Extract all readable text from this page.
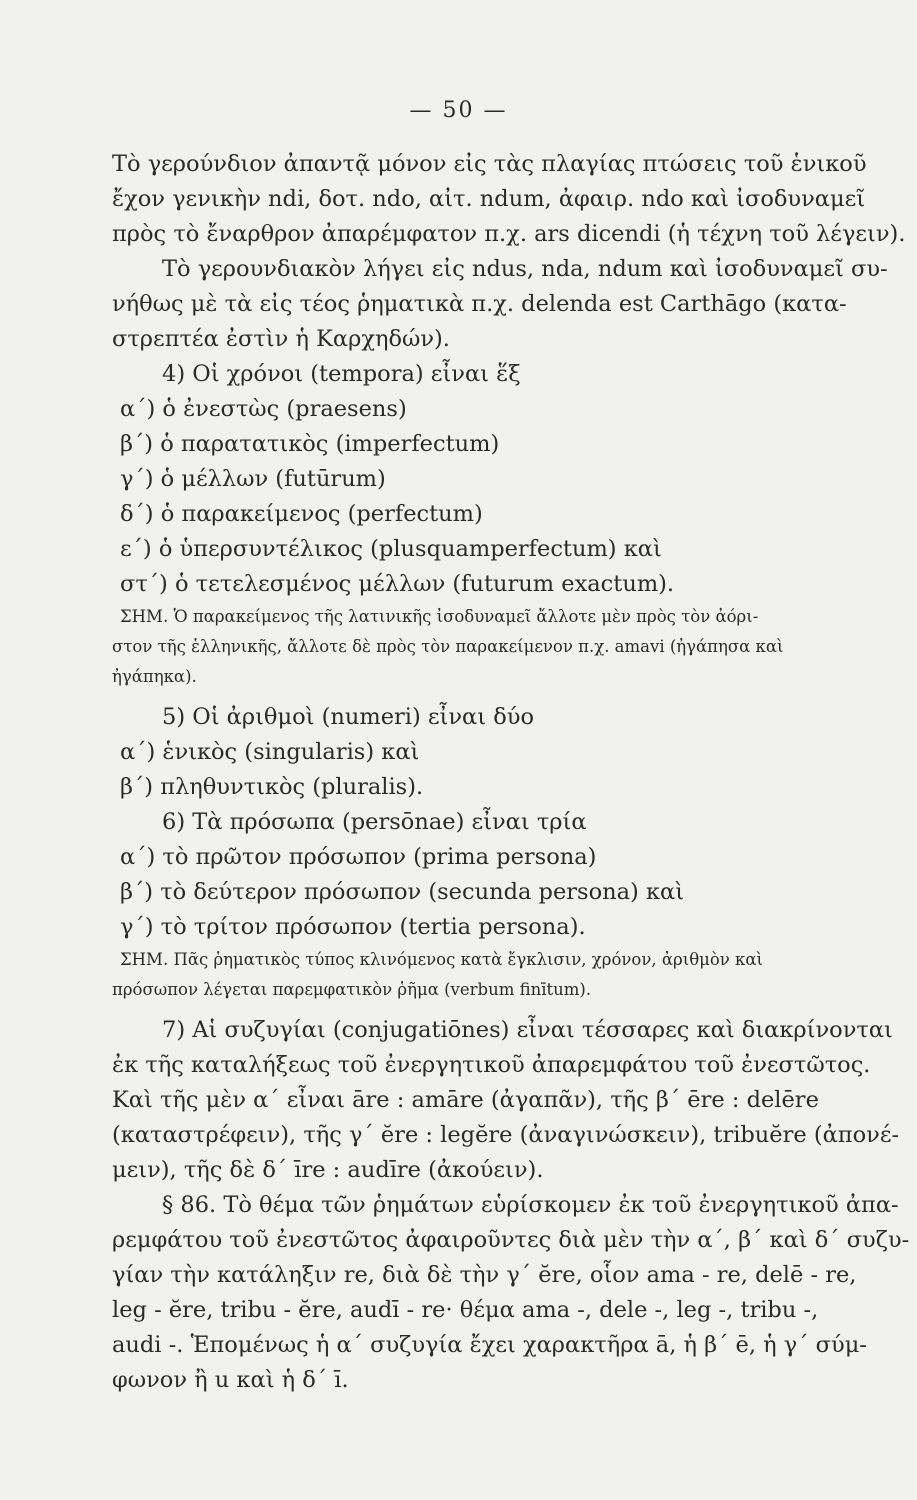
— 50 —
Τὸ γερούνδιον ἀπαντᾷ μόνον εἰς τὰς πλαγίας πτώσεις τοῦ ἑνικοῦ
ἔχον γενικὴν ndi, δοτ. ndo, αἰτ. ndum, ἀφαιρ. ndo καὶ ἰσοδυναμεῖ
πρὸς τὸ ἔναρθρον ἀπαρέμφατον π.χ. ars dicendi (ἡ τέχνη τοῦ λέγειν).
Τὸ γερουνδιακὸν λήγει εἰς ndus, nda, ndum καὶ ἰσοδυναμεῖ συ-
νήθως μὲ τὰ εἰς τέος ῥηματικὰ π.χ. delenda est Carthāgo (κατα-
στρεπτέα ἐστὶν ἡ Καρχηδών).
4) Οἱ χρόνοι (tempora) εἶναι ἕξ
α΄) ὁ ἐνεστὼς (praesens)
β΄) ὁ παρατατικὸς (imperfectum)
γ΄) ὁ μέλλων (futūrum)
δ΄) ὁ παρακείμενος (perfectum)
ε΄) ὁ ὑπερσυντέλικος (plusquamperfectum) καὶ
στ΄) ὁ τετελεσμένος μέλλων (futurum exactum).
ΣΗΜ. Ὁ παρακείμενος τῆς λατινικῆς ἰσοδυναμεῖ ἄλλοτε μὲν πρὸς τὸν ἀόρι-
στον τῆς ἑλληνικῆς, ἄλλοτε δὲ πρὸς τὸν παρακείμενον π.χ. amavi (ἠγάπησα καὶ
ἠγάπηκα).
5) Οἱ ἀριθμοὶ (numeri) εἶναι δύο
α΄) ἑνικὸς (singularis) καὶ
β΄) πληθυντικὸς (pluralis).
6) Τὰ πρόσωπα (persōnae) εἶναι τρία
α΄) τὸ πρῶτον πρόσωπον (prima persona)
β΄) τὸ δεύτερον πρόσωπον (secunda persona) καὶ
γ΄) τὸ τρίτον πρόσωπον (tertia persona).
ΣΗΜ. Πᾶς ῥηματικὸς τύπος κλινόμενος κατὰ ἔγκλισιν, χρόνον, ἀριθμὸν καὶ
πρόσωπον λέγεται παρεμφατικὸν ῥῆμα (verbum finītum).
7) Αἱ συζυγίαι (conjugatiōnes) εἶναι τέσσαρες καὶ διακρίνονται
ἐκ τῆς καταλήξεως τοῦ ἐνεργητικοῦ ἀπαρεμφάτου τοῦ ἐνεστῶτος.
Καὶ τῆς μὲν α΄ εἶναι āre : amāre (ἀγαπᾶν), τῆς β΄ ēre : delēre
(καταστρέφειν), τῆς γ΄ ĕre : legĕre (ἀναγινώσκειν), tribuĕre (ἀπονέ-
μειν), τῆς δὲ δ΄ īre : audīre (ἀκούειν).
§ 86. Τὸ θέμα τῶν ῥημάτων εὑρίσκομεν ἐκ τοῦ ἐνεργητικοῦ ἀπα-
ρεμφάτου τοῦ ἐνεστῶτος ἀφαιροῦντες διὰ μὲν τὴν α΄, β΄ καὶ δ΄ συζυ-
γίαν τὴν κατάληξιν re, διὰ δὲ τὴν γ΄ ĕre, οἷον ama - re, delē - re,
leg - ĕre, tribu - ĕre, audī - re· θέμα ama -, dele -, leg -, tribu -,
audi -. Ἑπομένως ἡ α΄ συζυγία ἔχει χαρακτῆρα ā, ἡ β΄ ē, ἡ γ΄ σύμ-
φωνον ἢ u καὶ ἡ δ΄ ī.
